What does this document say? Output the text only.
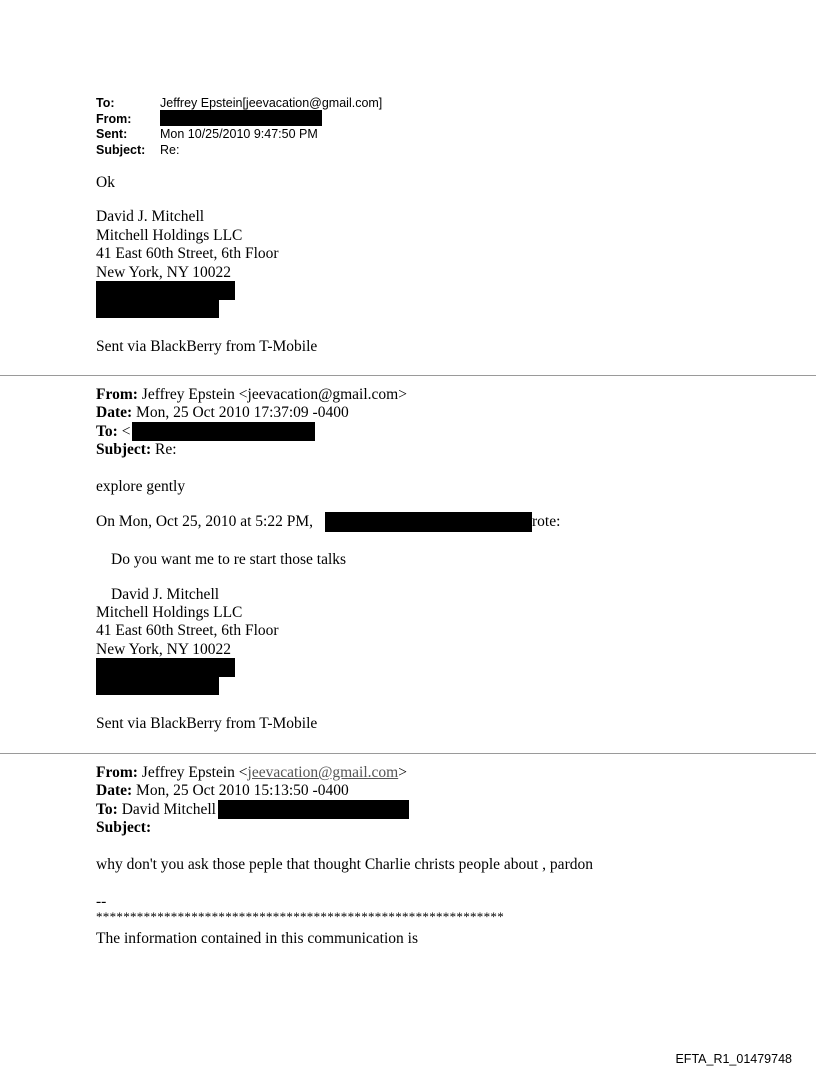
To:	Jeffrey Epstein[jeevacation@gmail.com]
From:
Sent:	Mon 10/25/2010 9:47:50 PM
Subject: Re:
Ok
David J. Mitchell
Mitchell Holdings LLC
41 East 60th Street, 6th Floor
New York, NY 10022
Sent via BlackBerry from T-Mobile
From: Jeffrey Epstein <jeevacation@gmail.com>
Date: Mon, 25 Oct 2010 17:37:09 -0400
To: <
Subject: Re:
explore gently
On Mon, Oct 25, 2010 at 5:22 PM,	rote:
Do you want me to re start those talks
David J. Mitchell
Mitchell Holdings LLC
41 East 60th Street, 6th Floor
New York, NY 10022
Sent via BlackBerry from T-Mobile
From: Jeffrey Epstein <jeevacation@gmail.com>
Date: Mon, 25 Oct 2010 15:13:50 -0400
To: David Mitchell
Subject:
why don't you ask those peple that thought Charlie christs people about , pardon
--
************************************************************
The information contained in this communication is
EFTA_R1_01479748
